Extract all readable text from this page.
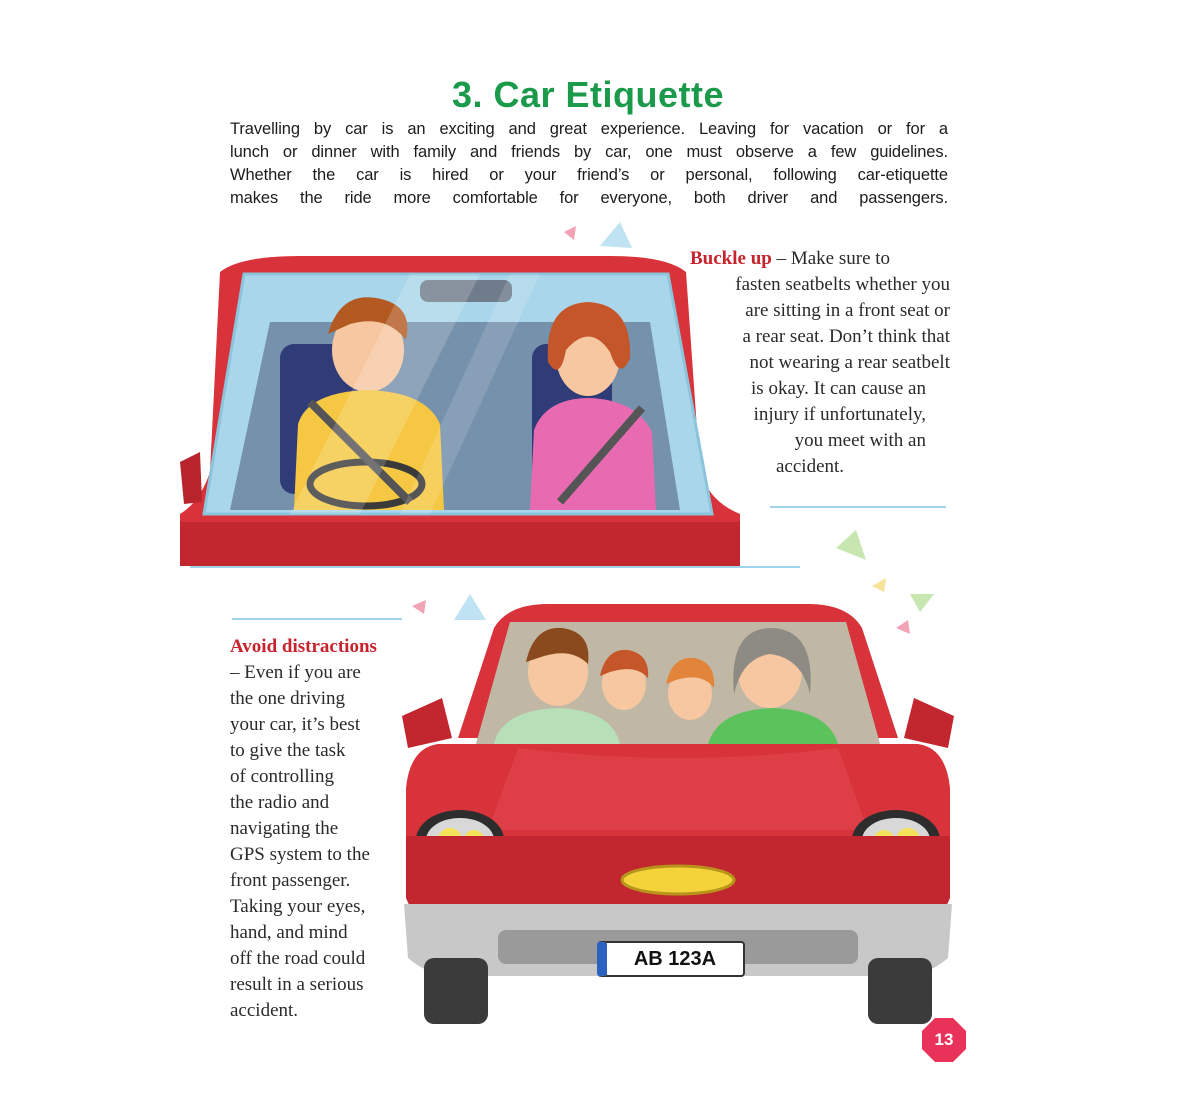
3. Car Etiquette
Travelling by car is an exciting and great experience. Leaving for vacation or for a
lunch or dinner with family and friends by car, one must observe a few guidelines.
Whether the car is hired or your friend’s or personal, following car-etiquette
makes the ride more comfortable for everyone, both driver and passengers.
AB 123A
Buckle up – Make sure to
fasten seatbelts whether you
are sitting in a front seat or
a rear seat. Don’t think that
not wearing a rear seatbelt
is okay. It can cause an
injury if unfortunately,
you meet with an
accident.
Avoid distractions
– Even if you are
the one driving
your car, it’s best
to give the task
of controlling
the radio and
navigating the
GPS system to the
front passenger.
Taking your eyes,
hand, and mind
off the road could
result in a serious
accident.
13
